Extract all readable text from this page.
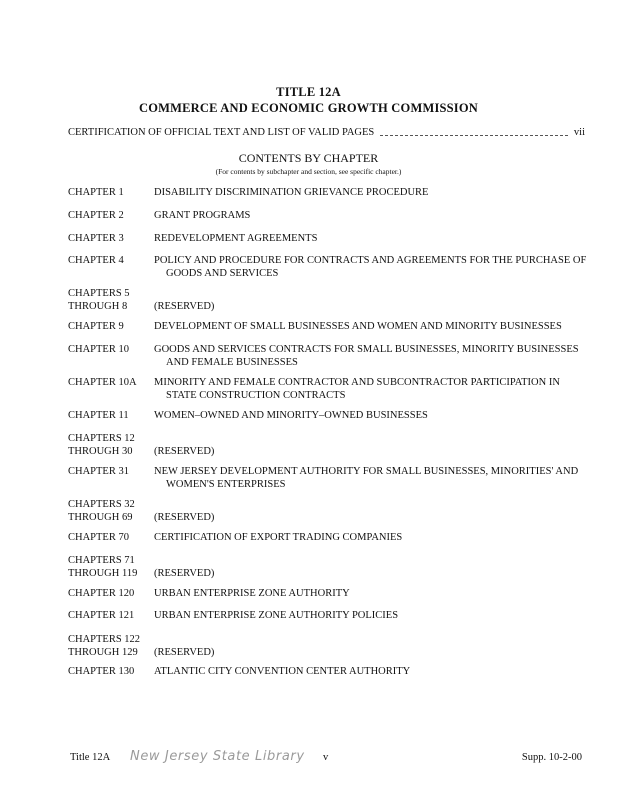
TITLE 12A
COMMERCE AND ECONOMIC GROWTH COMMISSION
CERTIFICATION OF OFFICIAL TEXT AND LIST OF VALID PAGES	vii
CONTENTS BY CHAPTER
(For contents by subchapter and section, see specific chapter.)
CHAPTER 1	DISABILITY DISCRIMINATION GRIEVANCE PROCEDURE
CHAPTER 2	GRANT PROGRAMS
CHAPTER 3	REDEVELOPMENT AGREEMENTS
CHAPTER 4	POLICY AND PROCEDURE FOR CONTRACTS AND AGREEMENTS FOR THE PURCHASE OF
GOODS AND SERVICES
CHAPTERS 5
THROUGH 8	(RESERVED)
CHAPTER 9	DEVELOPMENT OF SMALL BUSINESSES AND WOMEN AND MINORITY BUSINESSES
CHAPTER 10	GOODS AND SERVICES CONTRACTS FOR SMALL BUSINESSES, MINORITY BUSINESSES
AND FEMALE BUSINESSES
CHAPTER 10A	MINORITY AND FEMALE CONTRACTOR AND SUBCONTRACTOR PARTICIPATION IN
STATE CONSTRUCTION CONTRACTS
CHAPTER 11	WOMEN–OWNED AND MINORITY–OWNED BUSINESSES
CHAPTERS 12
THROUGH 30	(RESERVED)
CHAPTER 31	NEW JERSEY DEVELOPMENT AUTHORITY FOR SMALL BUSINESSES, MINORITIES' AND
WOMEN'S ENTERPRISES
CHAPTERS 32
THROUGH 69	(RESERVED)
CHAPTER 70	CERTIFICATION OF EXPORT TRADING COMPANIES
CHAPTERS 71
THROUGH 119	(RESERVED)
CHAPTER 120	URBAN ENTERPRISE ZONE AUTHORITY
CHAPTER 121	URBAN ENTERPRISE ZONE AUTHORITY POLICIES
CHAPTERS 122
THROUGH 129	(RESERVED)
CHAPTER 130	ATLANTIC CITY CONVENTION CENTER AUTHORITY
Title 12A New Jersey State Library v	Supp. 10-2-00
